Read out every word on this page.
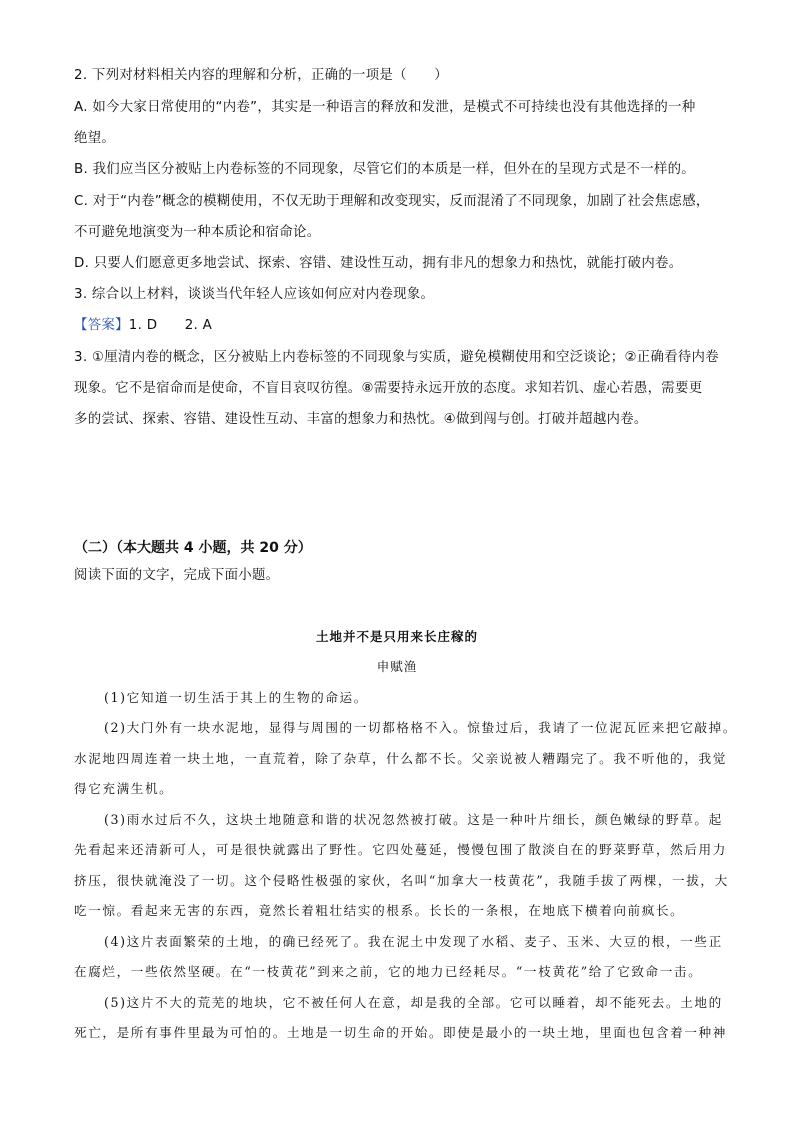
2. 下列对材料相关内容的理解和分析，正确的一项是（　　）
A. 如今大家日常使用的“内卷”，其实是一种语言的释放和发泄，是模式不可持续也没有其他选择的一种
绝望。
B. 我们应当区分被贴上内卷标签的不同现象，尽管它们的本质是一样，但外在的呈现方式是不一样的。
C. 对于“内卷”概念的模糊使用，不仅无助于理解和改变现实，反而混淆了不同现象，加剧了社会焦虑感，
不可避免地演变为一种本质论和宿命论。
D. 只要人们愿意更多地尝试、探索、容错、建设性互动，拥有非凡的想象力和热忱，就能打破内卷。
3. 综合以上材料，谈谈当代年轻人应该如何应对内卷现象。
【答案】1. D　　2. A
3. ①厘清内卷的概念，区分被贴上内卷标签的不同现象与实质，避免模糊使用和空泛谈论；②正确看待内卷
现象。它不是宿命而是使命，不盲目哀叹彷徨。⑧需要持永远开放的态度。求知若饥、虚心若愚，需要更
多的尝试、探索、容错、建设性互动、丰富的想象力和热忱。④做到闯与创。打破并超越内卷。
（二）（本大题共 4 小题，共 20 分）
阅读下面的文字，完成下面小题。
土地并不是只用来长庄稼的
申赋渔
(1)它知道一切生活于其上的生物的命运。
(2)大门外有一块水泥地，显得与周围的一切都格格不入。惊蛰过后，我请了一位泥瓦匠来把它敲掉。
水泥地四周连着一块土地，一直荒着，除了杂草，什么都不长。父亲说被人糟蹋完了。我不听他的，我觉
得它充满生机。
(3)雨水过后不久，这块土地随意和谐的状况忽然被打破。这是一种叶片细长，颜色嫩绿的野草。起
先看起来还清新可人，可是很快就露出了野性。它四处蔓延，慢慢包围了散淡自在的野菜野草，然后用力
挤压，很快就淹没了一切。这个侵略性极强的家伙，名叫“加拿大一枝黄花”，我随手拔了两棵，一拔，大
吃一惊。看起来无害的东西，竟然长着粗壮结实的根系。长长的一条根，在地底下横着向前疯长。
(4)这片表面繁荣的土地，的确已经死了。我在泥土中发现了水稻、麦子、玉米、大豆的根，一些正
在腐烂，一些依然坚硬。在“一枝黄花”到来之前，它的地力已经耗尽。“一枝黄花”给了它致命一击。
(5)这片不大的荒芜的地块，它不被任何人在意，却是我的全部。它可以睡着，却不能死去。土地的
死亡，是所有事件里最为可怕的。土地是一切生命的开始。即使是最小的一块土地，里面也包含着一种神
